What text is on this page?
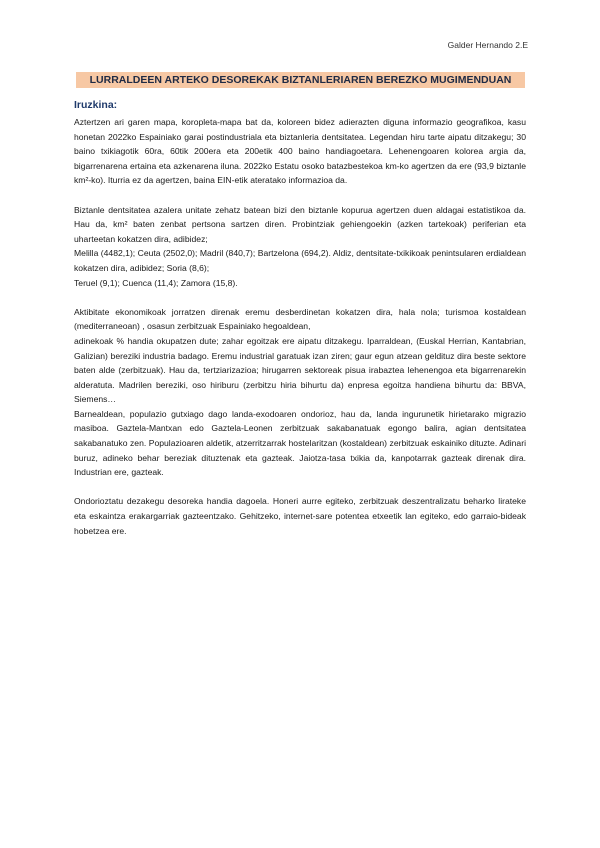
Galder Hernando 2.E
LURRALDEEN ARTEKO DESOREKAK BIZTANLERIAREN BEREZKO MUGIMENDUAN
Iruzkina:

Aztertzen ari garen mapa, koropleta-mapa bat da, koloreen bidez adierazten diguna informazio geografikoa, kasu honetan 2022ko Espainiako garai postindustriala eta biztanleria dentsitatea. Legendan hiru tarte aipatu ditzakegu; 30 baino txikiagotik 60ra, 60tik 200era eta 200etik 400 baino handiagoetara. Lehenengoaren kolorea argia da, bigarrenarena ertaina eta azkenarena iluna. 2022ko Estatu osoko batazbestekoa km-ko agertzen da ere (93,9 biztanle km²-ko). Iturria ez da agertzen, baina EIN-etik ateratako informazioa da.

Biztanle dentsitatea azalera unitate zehatz batean bizi den biztanle kopurua agertzen duen aldagai estatistikoa da. Hau da, km² baten zenbat pertsona sartzen diren. Probintziak gehiengoekin (azken tartekoak) periferian eta uharteetan kokatzen dira, adibidez;

Melilla (4482,1); Ceuta (2502,0); Madril (840,7); Bartzelona (694,2). Aldiz, dentsitate-txikikoak penintsularen erdialdean kokatzen dira, adibidez; Soria (8,6);

Teruel (9,1); Cuenca (11,4); Zamora (15,8).

Aktibitate ekonomikoak jorratzen direnak eremu desberdinetan kokatzen dira, hala nola; turismoa kostaldean (mediterraneoan) , osasun zerbitzuak Espainiako hegoaldean,

adinekoak % handia okupatzen dute; zahar egoitzak ere aipatu ditzakegu. Iparraldean, (Euskal Herrian, Kantabrian, Galizian) bereziki industria badago. Eremu industrial garatuak izan ziren; gaur egun atzean geldituz dira beste sektore baten alde (zerbitzuak). Hau da, tertziarizazioa; hirugarren sektoreak pisua irabaztea lehenengoa eta bigarrenarekin alderatuta. Madrilen bereziki, oso hiriburu (zerbitzu hiria bihurtu da) enpresa egoitza handiena bihurtu da: BBVA, Siemens…

Barnealdean, populazio gutxiago dago landa-exodoaren ondorioz, hau da, landa ingurunetik hirietarako migrazio masiboa. Gaztela-Mantxan edo Gaztela-Leonen zerbitzuak sakabanatuak egongo balira, agian dentsitatea sakabanatuko zen. Populazioaren aldetik, atzerritzarrak hostelaritzan (kostaldean) zerbitzuak eskainiko dituzte. Adinari buruz, adineko behar bereziak dituztenak eta gazteak. Jaiotza-tasa txikia da, kanpotarrak gazteak direnak dira. Industrian ere, gazteak.

Ondorioztatu dezakegu desoreka handia dagoela. Honeri aurre egiteko, zerbitzuak deszentralizatu beharko lirateke eta eskaintza erakargarriak gazteentzako. Gehitzeko, internet-sare potentea etxeetik lan egiteko, edo garraio-bideak hobetzea ere.
